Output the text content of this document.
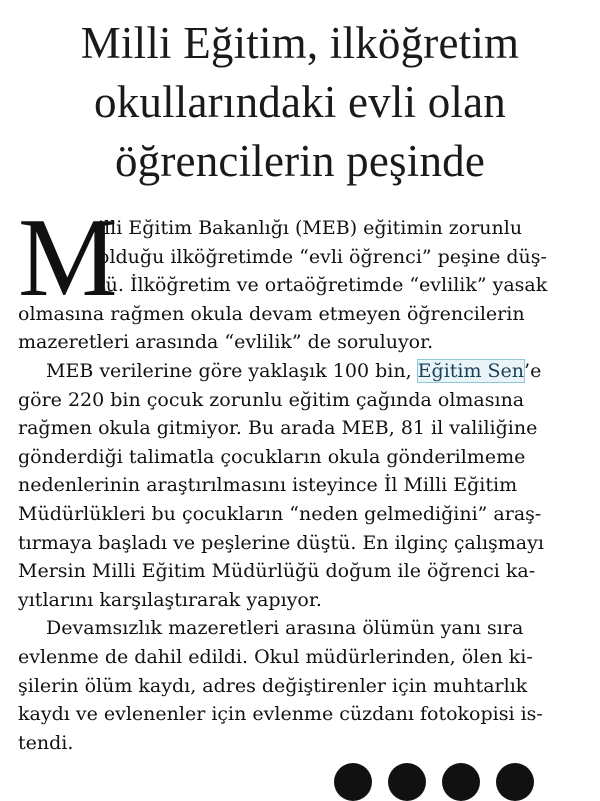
Milli Eğitim, ilköğretim
okullarındaki evli olan
öğrencilerin peşinde
M
illi Eğitim Bakanlığı (MEB) eğitimin zorunlu
olduğu ilköğretimde “evli öğrenci” peşine düş-
tü. İlköğretim ve ortaöğretimde “evlilik” yasak
olmasına rağmen okula devam etmeyen öğrencilerin
mazeretleri arasında “evlilik” de soruluyor.
MEB verilerine göre yaklaşık 100 bin, Eğitim Sen’e
göre 220 bin çocuk zorunlu eğitim çağında olmasına
rağmen okula gitmiyor. Bu arada MEB, 81 il valiliğine
gönderdiği talimatla çocukların okula gönderilmeme
nedenlerinin araştırılmasını isteyince İl Milli Eğitim
Müdürlükleri bu çocukların “neden gelmediğini” araş-
tırmaya başladı ve peşlerine düştü. En ilginç çalışmayı
Mersin Milli Eğitim Müdürlüğü doğum ile öğrenci ka-
yıtlarını karşılaştırarak yapıyor.
Devamsızlık mazeretleri arasına ölümün yanı sıra
evlenme de dahil edildi. Okul müdürlerinden, ölen ki-
şilerin ölüm kaydı, adres değiştirenler için muhtarlık
kaydı ve evlenenler için evlenme cüzdanı fotokopisi is-
tendi.
